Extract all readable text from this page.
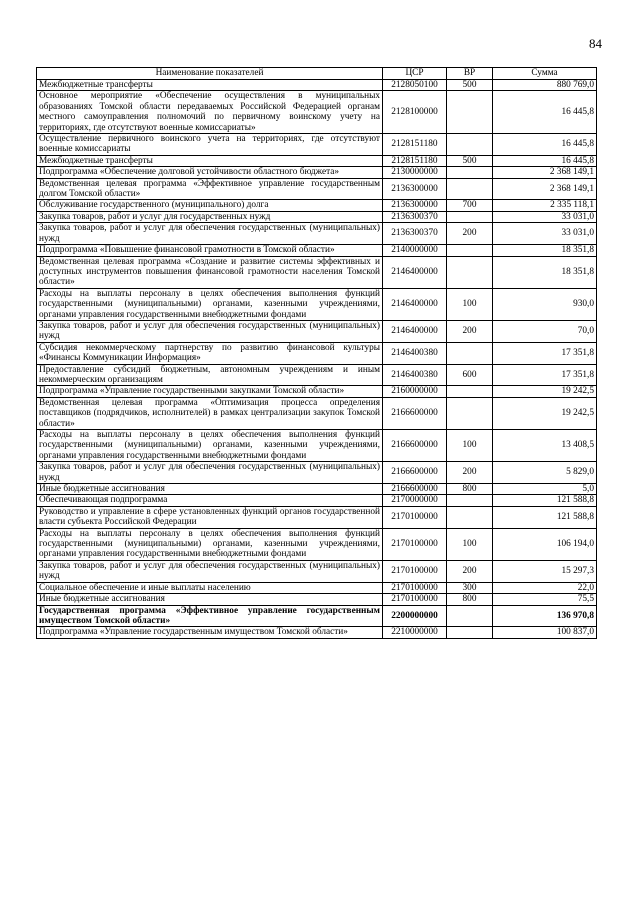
84
Наименование показателей	ЦСР	ВР	Сумма
Межбюджетные трансферты	2128050100	500	880 769,0
Основное мероприятие «Обеспечение осуществления в муниципальных образованиях Томской области передаваемых Российской Федерацией органам местного самоуправления полномочий по первичному воинскому учету на территориях, где отсутствуют военные комиссариаты»	2128100000		16 445,8
Осуществление первичного воинского учета на территориях, где отсутствуют военные комиссариаты	2128151180		16 445,8
Межбюджетные трансферты	2128151180	500	16 445,8
Подпрограмма «Обеспечение долговой устойчивости областного бюджета»	2130000000		2 368 149,1
Ведомственная целевая программа «Эффективное управление государственным долгом Томской области»	2136300000		2 368 149,1
Обслуживание государственного (муниципального) долга	2136300000	700	2 335 118,1
Закупка товаров, работ и услуг для государственных нужд	2136300370		33 031,0
Закупка товаров, работ и услуг для обеспечения государственных (муниципальных) нужд	2136300370	200	33 031,0
Подпрограмма «Повышение финансовой грамотности в Томской области»	2140000000		18 351,8
Ведомственная целевая программа «Создание и развитие системы эффективных и доступных инструментов повышения финансовой грамотности населения Томской области»	2146400000		18 351,8
Расходы на выплаты персоналу в целях обеспечения выполнения функций государственными (муниципальными) органами, казенными учреждениями, органами управления государственными внебюджетными фондами	2146400000	100	930,0
Закупка товаров, работ и услуг для обеспечения государственных (муниципальных) нужд	2146400000	200	70,0
Субсидия некоммерческому партнерству по развитию финансовой культуры «Финансы Коммуникации Информация»	2146400380		17 351,8
Предоставление субсидий бюджетным, автономным учреждениям и иным некоммерческим организациям	2146400380	600	17 351,8
Подпрограмма «Управление государственными закупками Томской области»	2160000000		19 242,5
Ведомственная целевая программа «Оптимизация процесса определения поставщиков (подрядчиков, исполнителей) в рамках централизации закупок Томской области»	2166600000		19 242,5
Расходы на выплаты персоналу в целях обеспечения выполнения функций государственными (муниципальными) органами, казенными учреждениями, органами управления государственными внебюджетными фондами	2166600000	100	13 408,5
Закупка товаров, работ и услуг для обеспечения государственных (муниципальных) нужд	2166600000	200	5 829,0
Иные бюджетные ассигнования	2166600000	800	5,0
Обеспечивающая подпрограмма	2170000000		121 588,8
Руководство и управление в сфере установленных функций органов государственной власти субъекта Российской Федерации	2170100000		121 588,8
Расходы на выплаты персоналу в целях обеспечения выполнения функций государственными (муниципальными) органами, казенными учреждениями, органами управления государственными внебюджетными фондами	2170100000	100	106 194,0
Закупка товаров, работ и услуг для обеспечения государственных (муниципальных) нужд	2170100000	200	15 297,3
Социальное обеспечение и иные выплаты населению	2170100000	300	22,0
Иные бюджетные ассигнования	2170100000	800	75,5
Государственная программа «Эффективное управление государственным имуществом Томской области»	2200000000		136 970,8
Подпрограмма «Управление государственным имуществом Томской области»	2210000000		100 837,0
